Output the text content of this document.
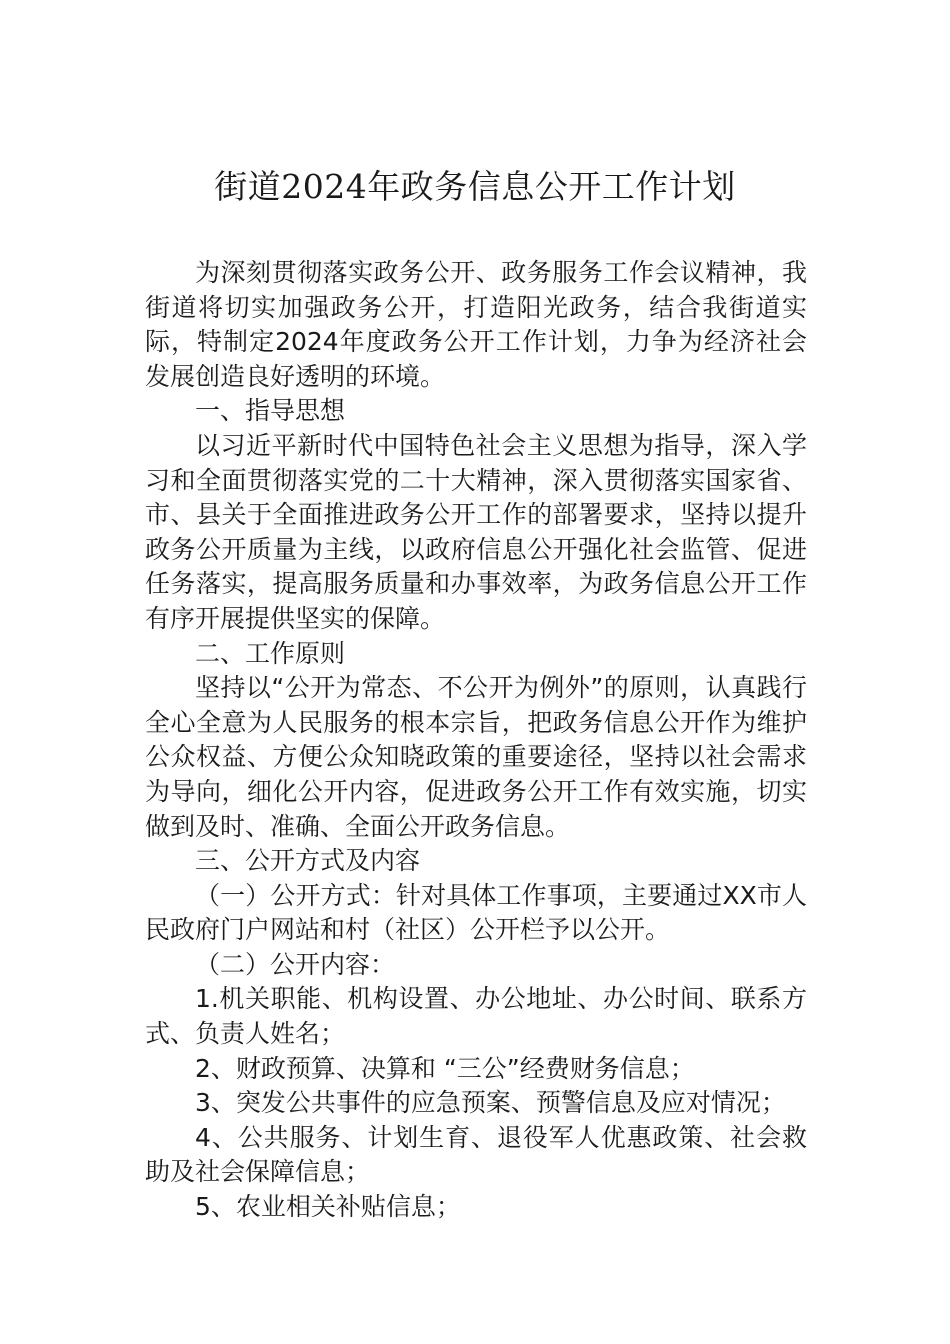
街道2024年政务信息公开工作计划

为深刻贯彻落实政务公开、政务服务工作会议精神，我街道将切实加强政务公开，打造阳光政务，结合我街道实际，特制定2024年度政务公开工作计划，力争为经济社会发展创造良好透明的环境。

一、指导思想

以习近平新时代中国特色社会主义思想为指导，深入学习和全面贯彻落实党的二十大精神，深入贯彻落实国家省、市、县关于全面推进政务公开工作的部署要求，坚持以提升政务公开质量为主线，以政府信息公开强化社会监管、促进任务落实，提高服务质量和办事效率，为政务信息公开工作有序开展提供坚实的保障。

二、工作原则

坚持以“公开为常态、不公开为例外”的原则，认真践行全心全意为人民服务的根本宗旨，把政务信息公开作为维护公众权益、方便公众知晓政策的重要途径，坚持以社会需求为导向，细化公开内容，促进政务公开工作有效实施，切实做到及时、准确、全面公开政务信息。

三、公开方式及内容

（一）公开方式：针对具体工作事项，主要通过XX市人民政府门户网站和村（社区）公开栏予以公开。

（二）公开内容：

1.机关职能、机构设置、办公地址、办公时间、联系方式、负责人姓名；

2、财政预算、决算和 “三公”经费财务信息；

3、突发公共事件的应急预案、预警信息及应对情况；

4、公共服务、计划生育、退役军人优惠政策、社会救助及社会保障信息；

5、农业相关补贴信息；
